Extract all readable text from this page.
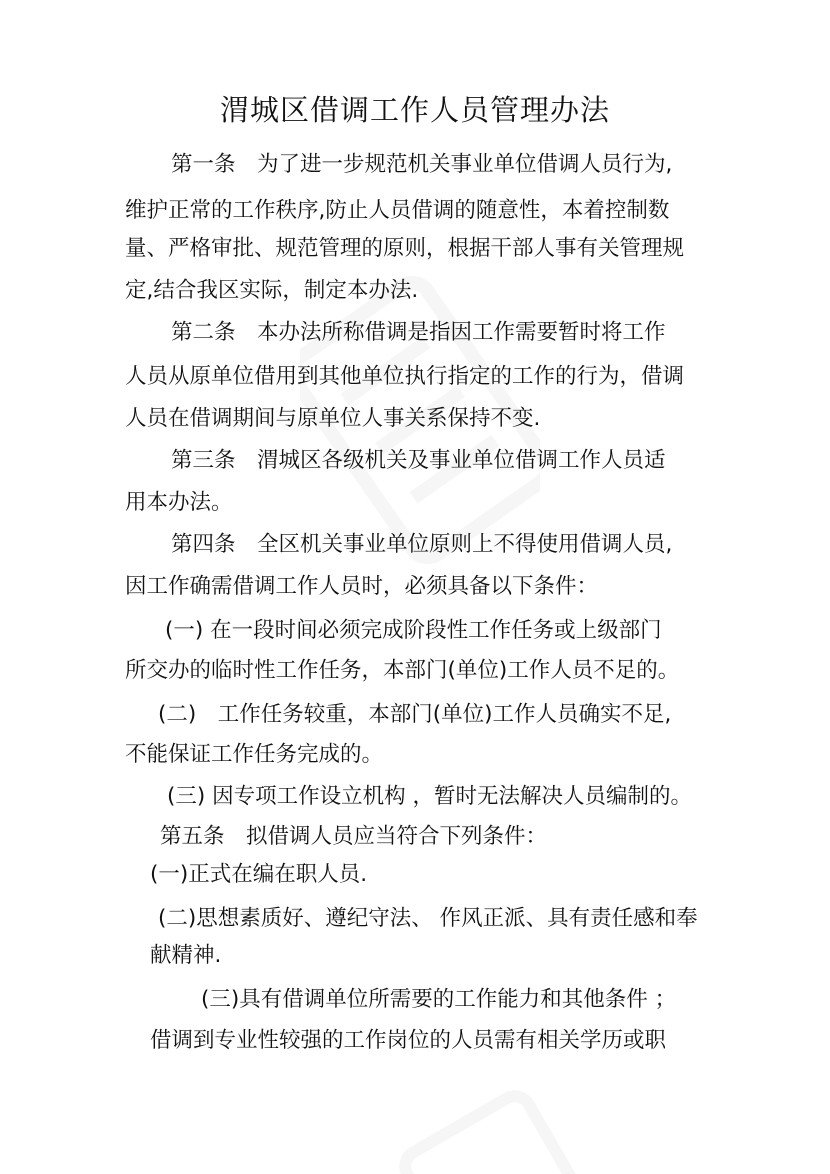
渭城区借调工作人员管理办法
第一条　为了进一步规范机关事业单位借调人员行为,
维护正常的工作秩序,防止人员借调的随意性，本着控制数
量、严格审批、规范管理的原则，根据干部人事有关管理规
定,结合我区实际，制定本办法.
第二条　本办法所称借调是指因工作需要暂时将工作
人员从原单位借用到其他单位执行指定的工作的行为，借调
人员在借调期间与原单位人事关系保持不变.
第三条　渭城区各级机关及事业单位借调工作人员适
用本办法。
第四条　全区机关事业单位原则上不得使用借调人员,
因工作确需借调工作人员时，必须具备以下条件：
(一) 在一段时间必须完成阶段性工作任务或上级部门
所交办的临时性工作任务，本部门(单位)工作人员不足的。
(二)　工作任务较重，本部门(单位)工作人员确实不足,
不能保证工作任务完成的。
(三) 因专项工作设立机构 ，暂时无法解决人员编制的。
第五条　拟借调人员应当符合下列条件：
(一)正式在编在职人员.
(二)思想素质好、遵纪守法、 作风正派、具有责任感和奉
献精神.
(三)具有借调单位所需要的工作能力和其他条件 ；
借调到专业性较强的工作岗位的人员需有相关学历或职
